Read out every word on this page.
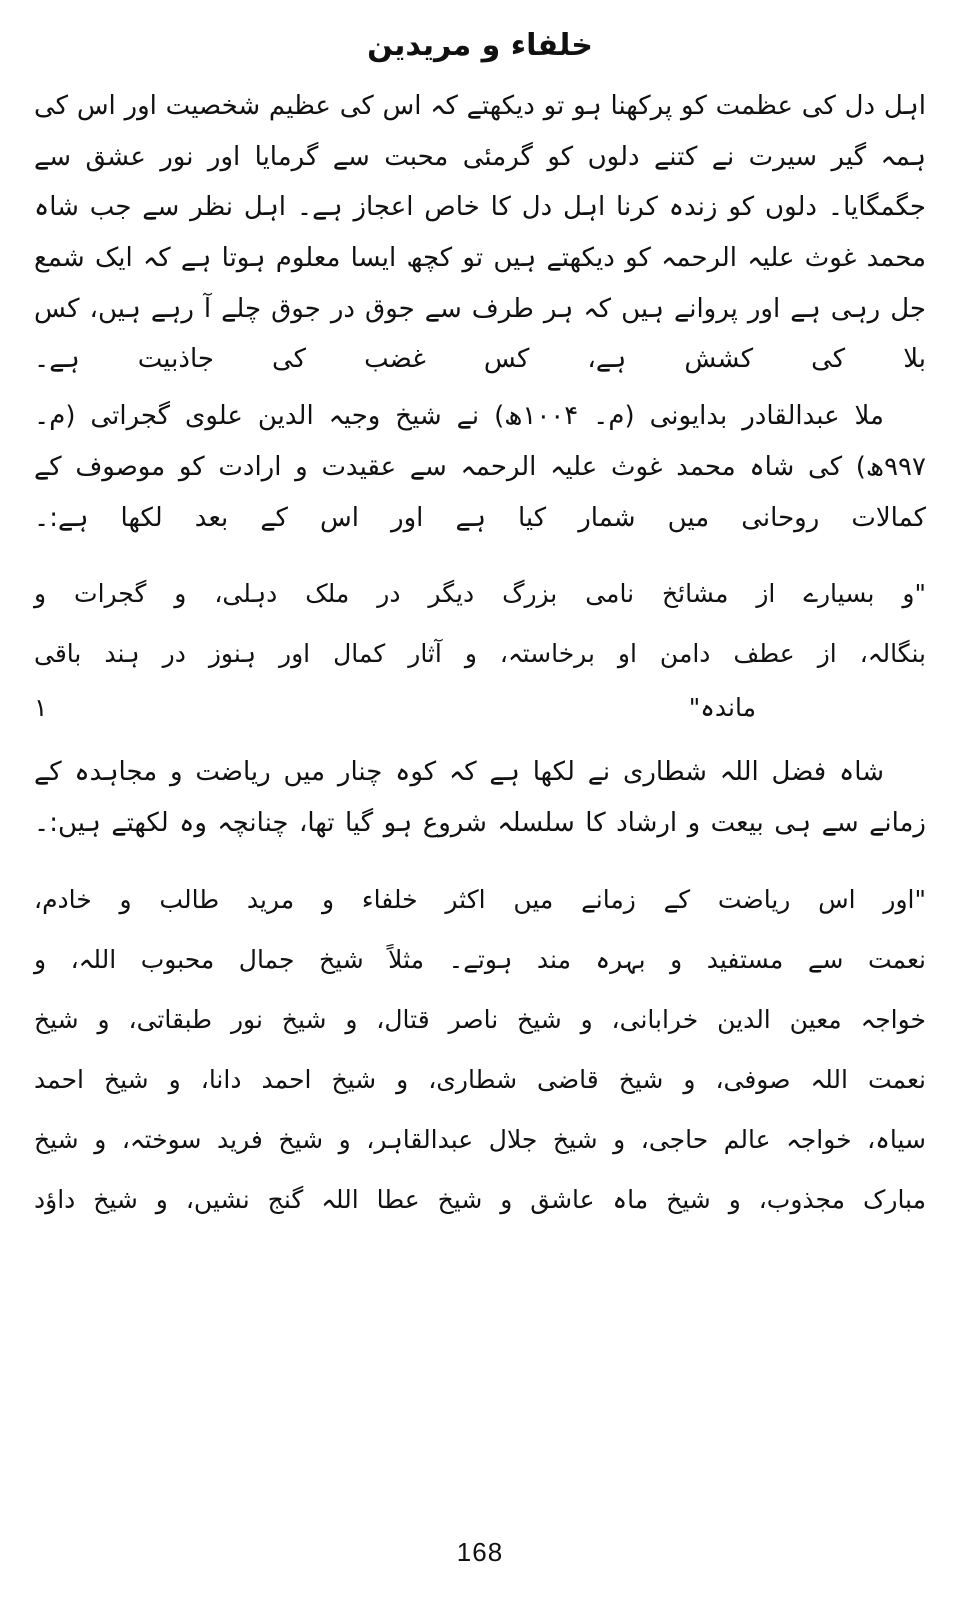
خلفاء و مریدین

اہل دل کی عظمت کو پرکھنا ہو تو دیکھتے کہ اس کی عظیم شخصیت اور اس کی ہمہ گیر سیرت نے کتنے دلوں کو گرمئی محبت سے گرمایا اور نور عشق سے جگمگایا۔ دلوں کو زندہ کرنا اہل دل کا خاص اعجاز ہے۔ اہل نظر سے جب شاہ محمد غوث علیہ الرحمہ کو دیکھتے ہیں تو کچھ ایسا معلوم ہوتا ہے کہ ایک شمع جل رہی ہے اور پروانے ہیں کہ ہر طرف سے جوق در جوق چلے آ رہے ہیں، کس بلا کی کشش ہے، کس غضب کی جاذبیت ہے۔

ملا عبدالقادر بدایونی (م۔ ۱۰۰۴ھ) نے شیخ وجیہ الدین علوی گجراتی (م۔ ۹۹۷ھ) کی شاہ محمد غوث علیہ الرحمہ سے عقیدت و ارادت کو موصوف کے کمالات روحانی میں شمار کیا ہے اور اس کے بعد لکھا ہے:۔

"و بسیارے از مشائخ نامی بزرگ دیگر در ملک دہلی، و گجرات و

بنگالہ، از عطف دامن او برخاستہ، و آثار کمال اور ہنوز در ہند باقی

ماندہ" ۱

شاہ فضل اللہ شطاری نے لکھا ہے کہ کوہ چنار میں ریاضت و مجاہدہ کے زمانے سے ہی بیعت و ارشاد کا سلسلہ شروع ہو گیا تھا، چنانچہ وہ لکھتے ہیں:۔

"اور اس ریاضت کے زمانے میں اکثر خلفاء و مرید طالب و خادم،

نعمت سے مستفید و بہرہ مند ہوتے۔ مثلاً شیخ جمال محبوب اللہ، و

خواجہ معین الدین خرابانی، و شیخ ناصر قتال، و شیخ نور طبقاتی، و شیخ

نعمت اللہ صوفی، و شیخ قاضی شطاری، و شیخ احمد دانا، و شیخ احمد

سیاہ، خواجہ عالم حاجی، و شیخ جلال عبدالقاہر، و شیخ فرید سوختہ، و شیخ

مبارک مجذوب، و شیخ ماہ عاشق و شیخ عطا اللہ گنج نشیں، و شیخ داؤد

168
